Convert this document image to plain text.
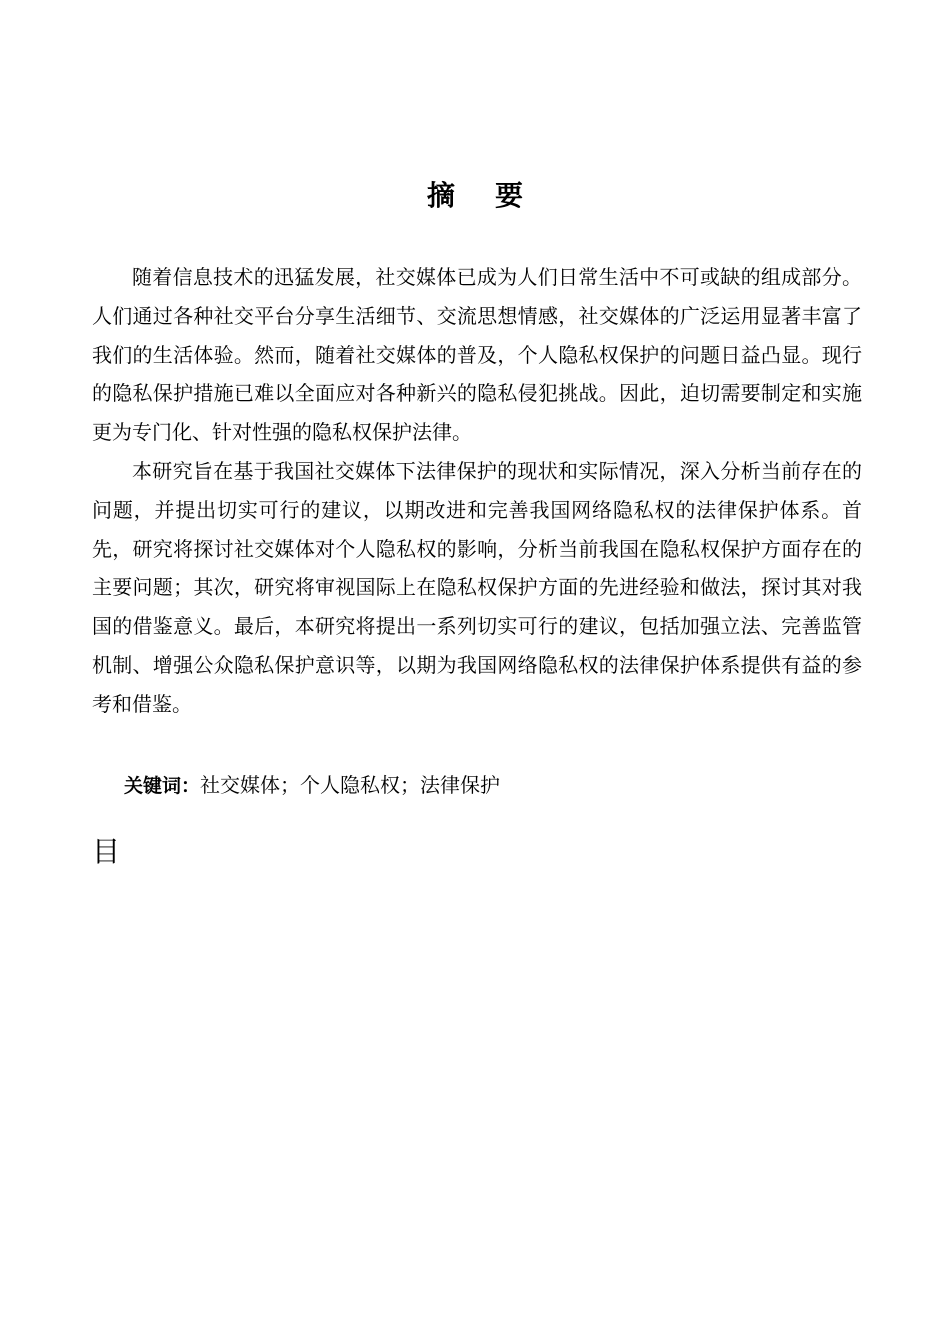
摘 要

随着信息技术的迅猛发展，社交媒体已成为人们日常生活中不可或缺的组成部分。人们通过各种社交平台分享生活细节、交流思想情感，社交媒体的广泛运用显著丰富了我们的生活体验。然而，随着社交媒体的普及，个人隐私权保护的问题日益凸显。现行的隐私保护措施已难以全面应对各种新兴的隐私侵犯挑战。因此，迫切需要制定和实施更为专门化、针对性强的隐私权保护法律。

本研究旨在基于我国社交媒体下法律保护的现状和实际情况，深入分析当前存在的问题，并提出切实可行的建议，以期改进和完善我国网络隐私权的法律保护体系。首先，研究将探讨社交媒体对个人隐私权的影响，分析当前我国在隐私权保护方面存在的主要问题；其次，研究将审视国际上在隐私权保护方面的先进经验和做法，探讨其对我国的借鉴意义。最后，本研究将提出一系列切实可行的建议，包括加强立法、完善监管机制、增强公众隐私保护意识等，以期为我国网络隐私权的法律保护体系提供有益的参考和借鉴。

关键词：社交媒体；个人隐私权；法律保护
目
